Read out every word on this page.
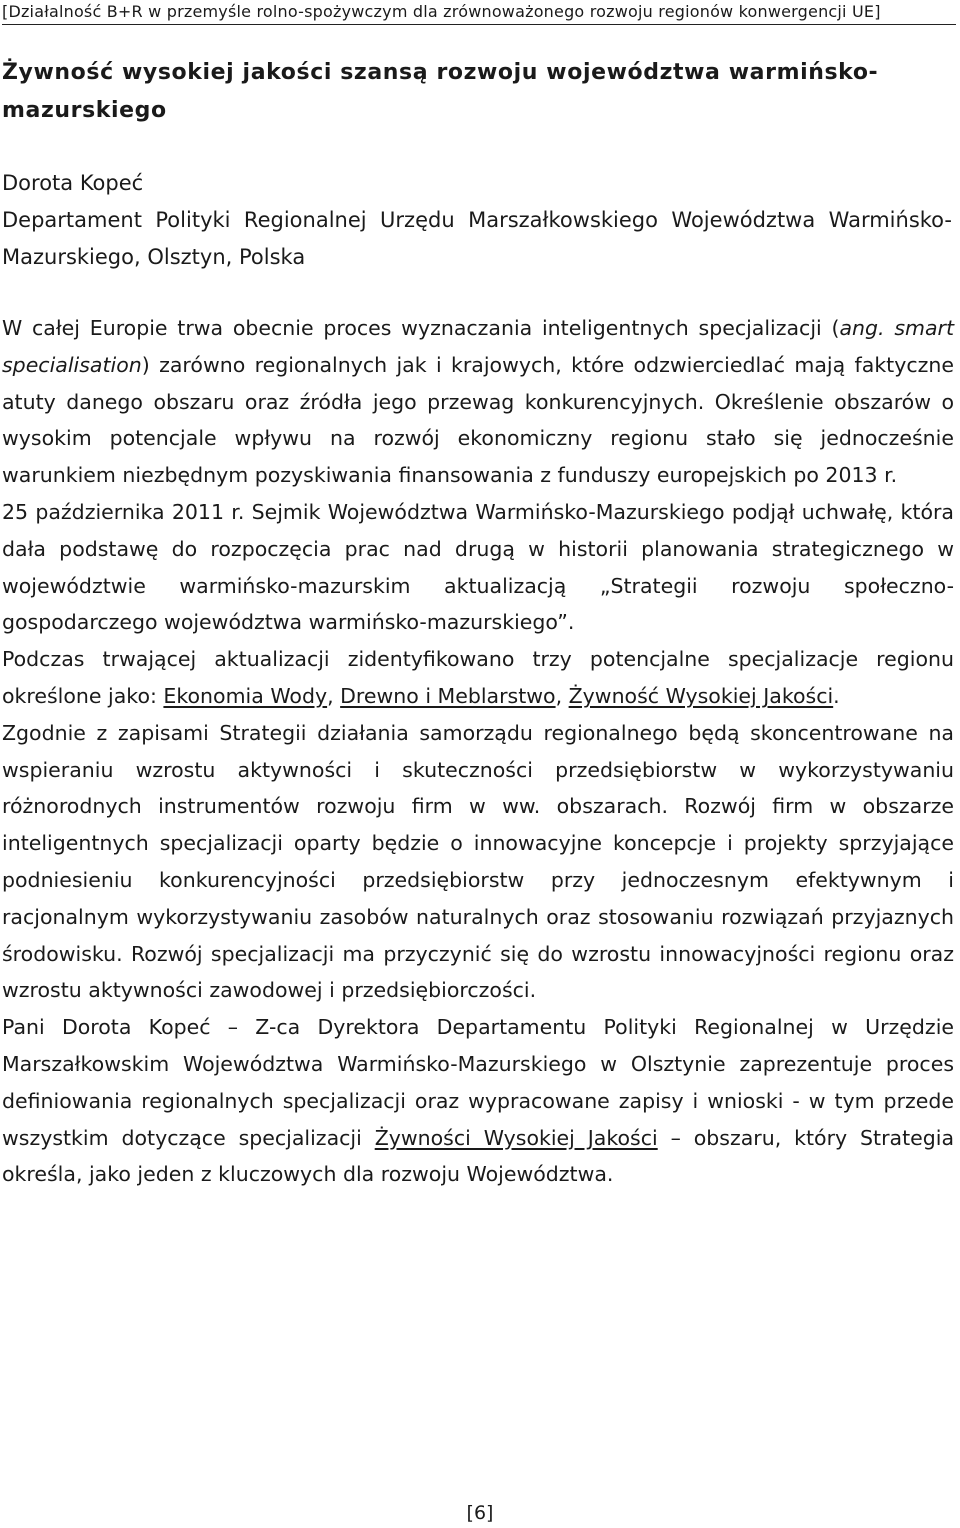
[Działalność B+R w przemyśle rolno-spożywczym dla zrównoważonego rozwoju regionów konwergencji UE]
Żywność wysokiej jakości szansą rozwoju województwa warmińsko-mazurskiego
Dorota Kopeć
Departament Polityki Regionalnej Urzędu Marszałkowskiego Województwa Warmińsko-Mazurskiego, Olsztyn, Polska

W całej Europie trwa obecnie proces wyznaczania inteligentnych specjalizacji (ang. smart specialisation) zarówno regionalnych jak i krajowych, które odzwierciedlać mają faktyczne atuty danego obszaru oraz źródła jego przewag konkurencyjnych. Określenie obszarów o wysokim potencjale wpływu na rozwój ekonomiczny regionu stało się jednocześnie warunkiem niezbędnym pozyskiwania finansowania z funduszy europejskich po 2013 r.

25 października 2011 r. Sejmik Województwa Warmińsko-Mazurskiego podjął uchwałę, która dała podstawę do rozpoczęcia prac nad drugą w historii planowania strategicznego w województwie warmińsko-mazurskim aktualizacją „Strategii rozwoju społeczno-gospodarczego województwa warmińsko-mazurskiego”.

Podczas trwającej aktualizacji zidentyfikowano trzy potencjalne specjalizacje regionu określone jako: Ekonomia Wody, Drewno i Meblarstwo, Żywność Wysokiej Jakości.

Zgodnie z zapisami Strategii działania samorządu regionalnego będą skoncentrowane na wspieraniu wzrostu aktywności i skuteczności przedsiębiorstw w wykorzystywaniu różnorodnych instrumentów rozwoju firm w ww. obszarach. Rozwój firm w obszarze inteligentnych specjalizacji oparty będzie o innowacyjne koncepcje i projekty sprzyjające podniesieniu konkurencyjności przedsiębiorstw przy jednoczesnym efektywnym i racjonalnym wykorzystywaniu zasobów naturalnych oraz stosowaniu rozwiązań przyjaznych środowisku. Rozwój specjalizacji ma przyczynić się do wzrostu innowacyjności regionu oraz wzrostu aktywności zawodowej i przedsiębiorczości.

Pani Dorota Kopeć – Z-ca Dyrektora Departamentu Polityki Regionalnej w Urzędzie Marszałkowskim Województwa Warmińsko-Mazurskiego w Olsztynie zaprezentuje proces definiowania regionalnych specjalizacji oraz wypracowane zapisy i wnioski - w tym przede wszystkim dotyczące specjalizacji Żywności Wysokiej Jakości – obszaru, który Strategia określa, jako jeden z kluczowych dla rozwoju Województwa.

[6]
